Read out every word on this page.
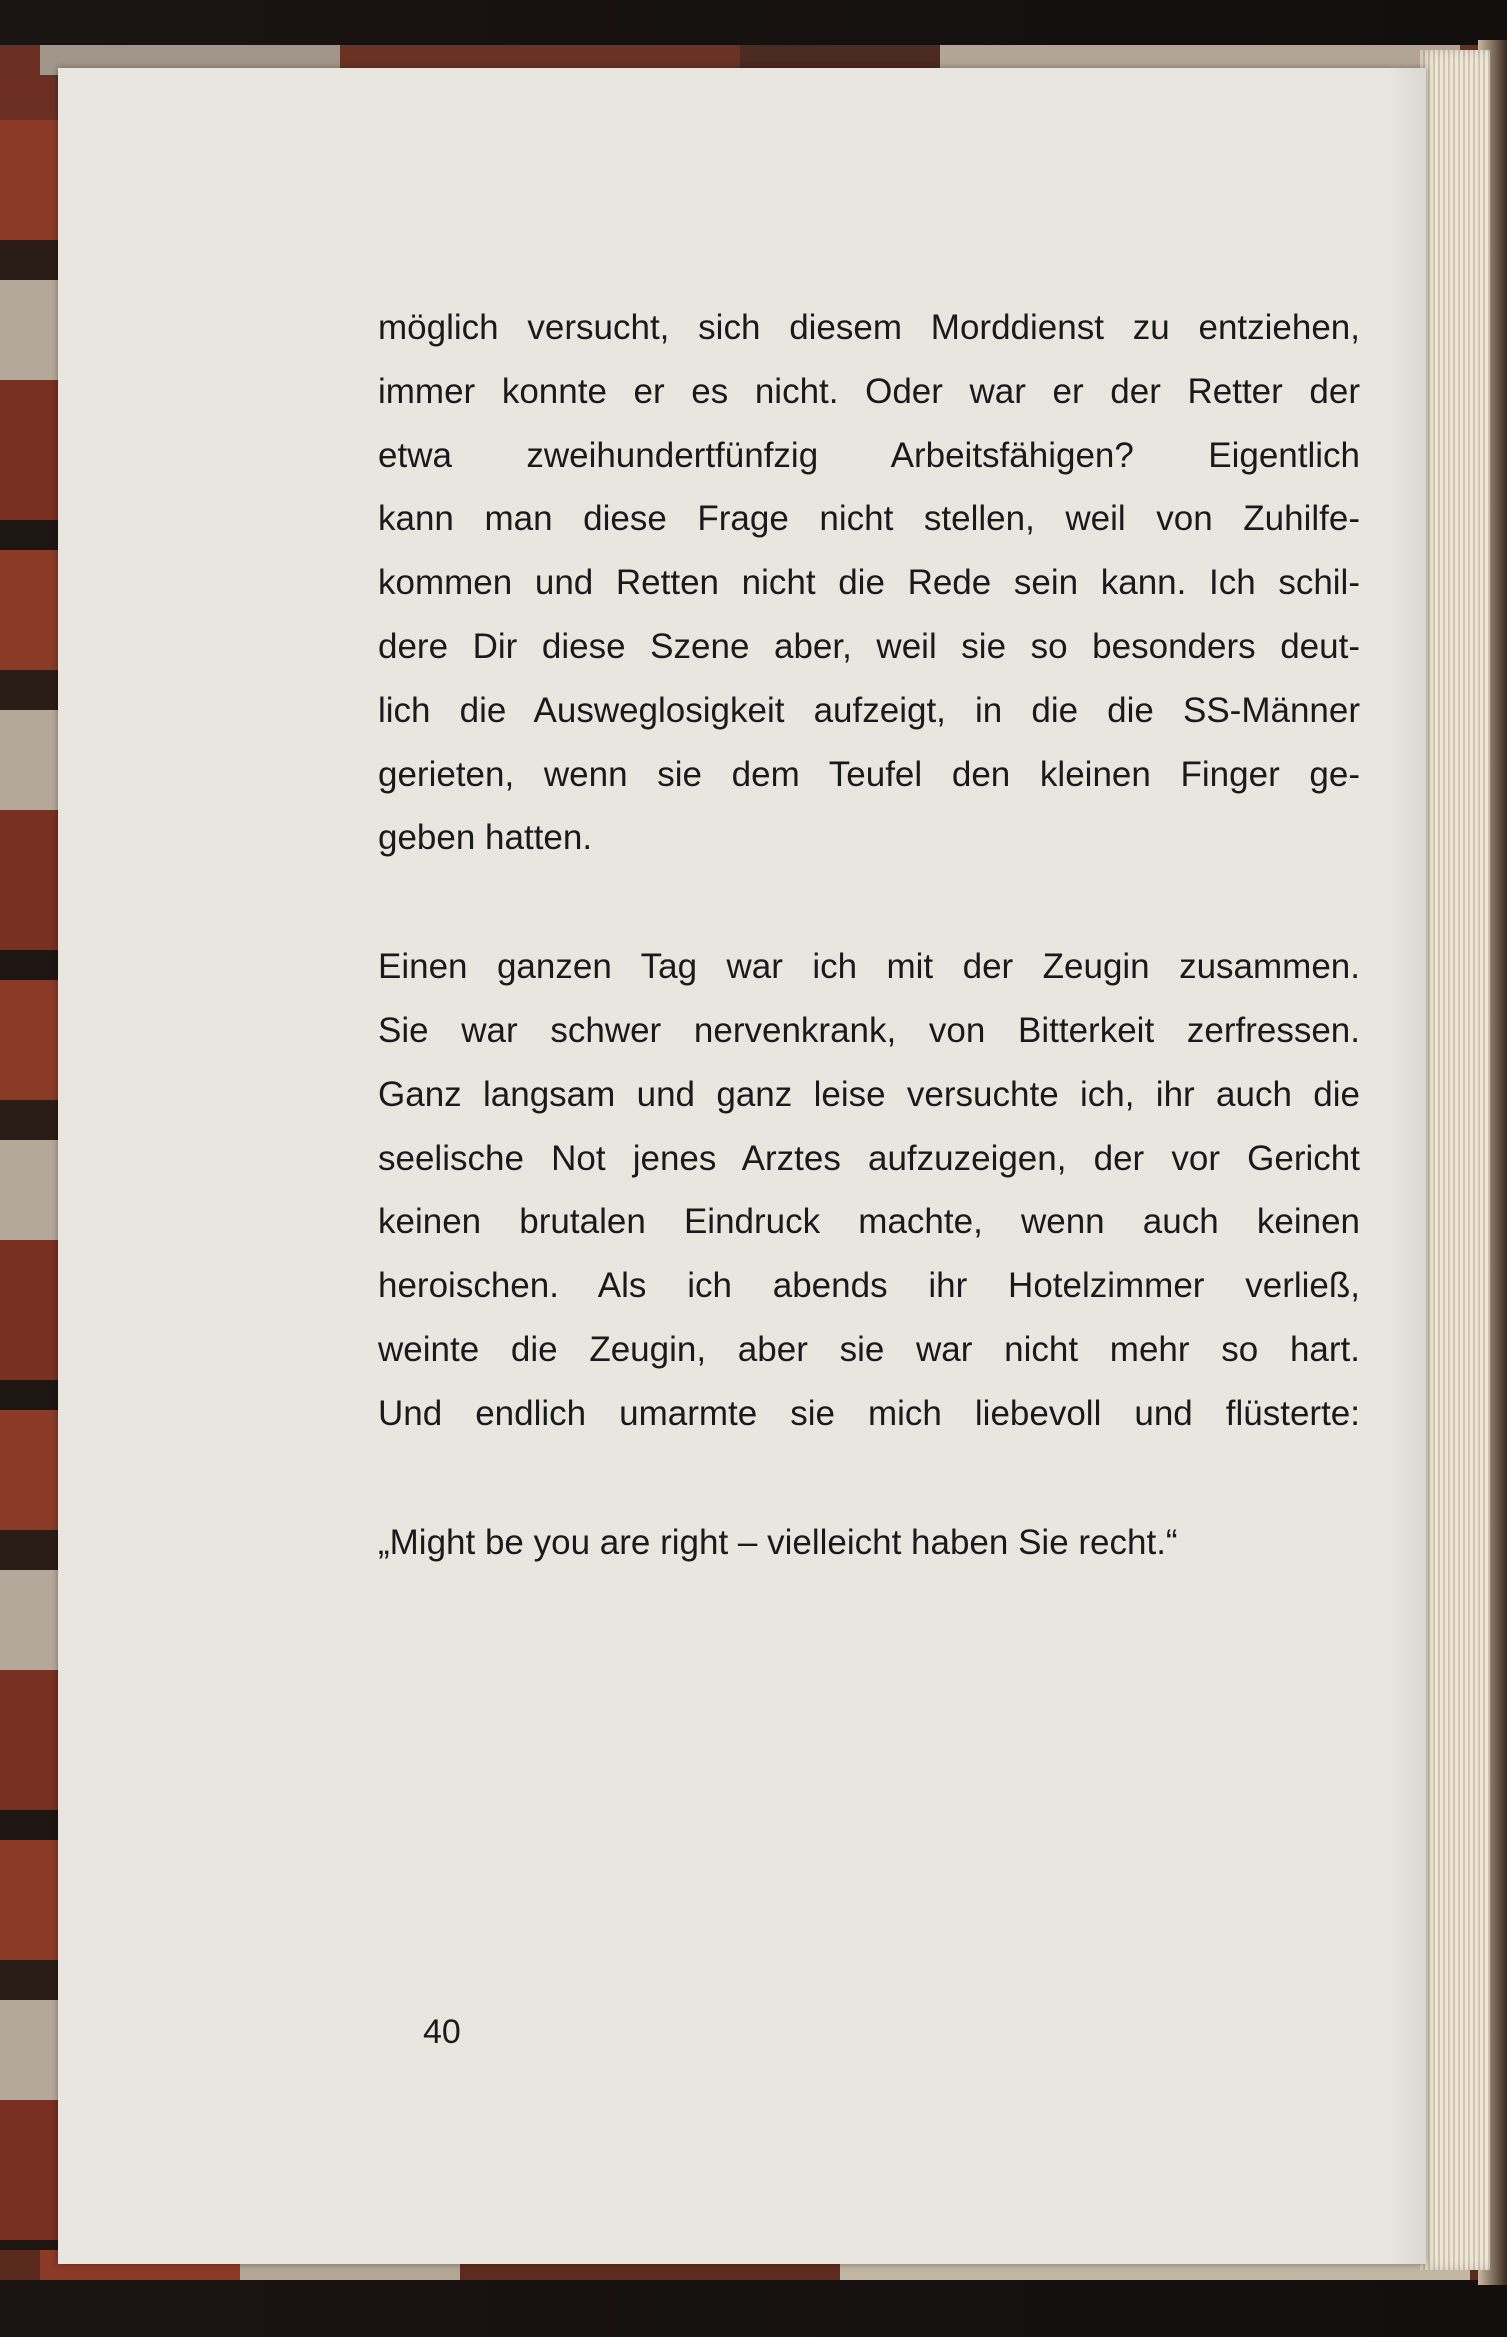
möglich versucht, sich diesem Morddienst zu entziehen,
immer konnte er es nicht. Oder war er der Retter der
etwa zweihundertfünfzig Arbeitsfähigen? Eigentlich
kann man diese Frage nicht stellen, weil von Zuhilfe-
kommen und Retten nicht die Rede sein kann. Ich schil-
dere Dir diese Szene aber, weil sie so besonders deut-
lich die Ausweglosigkeit aufzeigt, in die die SS-Männer
gerieten, wenn sie dem Teufel den kleinen Finger ge-
geben hatten.
Einen ganzen Tag war ich mit der Zeugin zusammen.
Sie war schwer nervenkrank, von Bitterkeit zerfressen.
Ganz langsam und ganz leise versuchte ich, ihr auch die
seelische Not jenes Arztes aufzuzeigen, der vor Gericht
keinen brutalen Eindruck machte, wenn auch keinen
heroischen. Als ich abends ihr Hotelzimmer verließ,
weinte die Zeugin, aber sie war nicht mehr so hart.
Und endlich umarmte sie mich liebevoll und flüsterte:
„Might be you are right – vielleicht haben Sie recht.“
40
